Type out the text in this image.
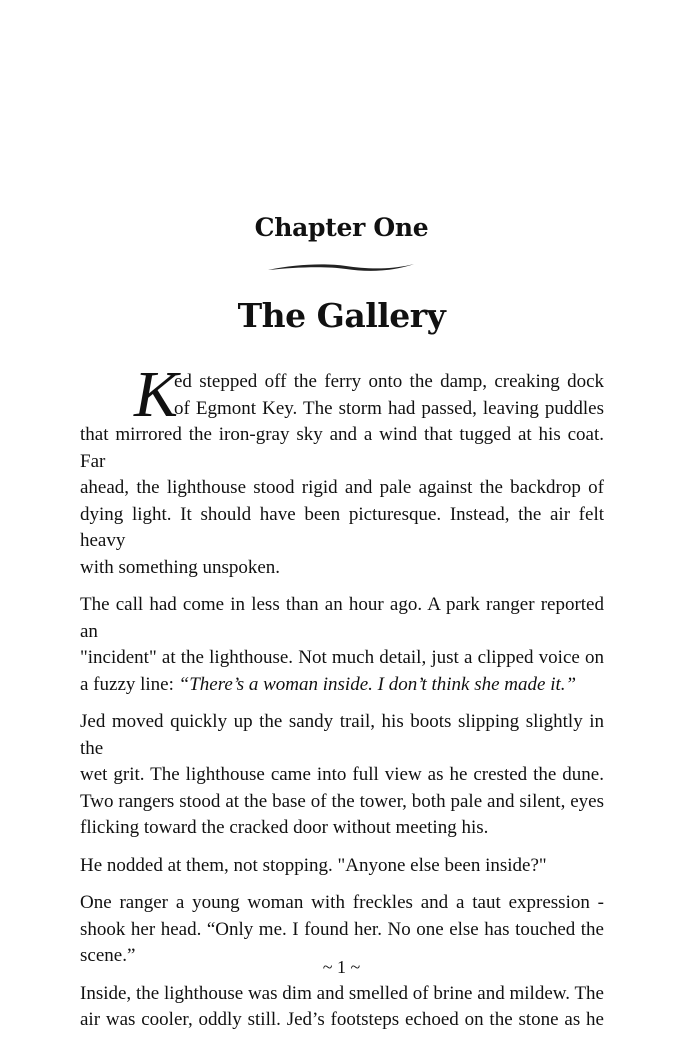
Chapter One
The Gallery

K
ed stepped off the ferry onto the damp, creaking dock
of Egmont Key. The storm had passed, leaving puddles
that mirrored the iron-gray sky and a wind that tugged at his coat. Far
ahead, the lighthouse stood rigid and pale against the backdrop of
dying light. It should have been picturesque. Instead, the air felt heavy
with something unspoken.

The call had come in less than an hour ago. A park ranger reported an
"incident" at the lighthouse. Not much detail, just a clipped voice on
a fuzzy line: “There’s a woman inside. I don’t think she made it.”

Jed moved quickly up the sandy trail, his boots slipping slightly in the
wet grit. The lighthouse came into full view as he crested the dune.
Two rangers stood at the base of the tower, both pale and silent, eyes
flicking toward the cracked door without meeting his.

He nodded at them, not stopping. "Anyone else been inside?"

One ranger a young woman with freckles and a taut expression -
shook her head. “Only me. I found her. No one else has touched the
scene.”

Inside, the lighthouse was dim and smelled of brine and mildew. The
air was cooler, oddly still. Jed’s footsteps echoed on the stone as he

~ 1 ~
